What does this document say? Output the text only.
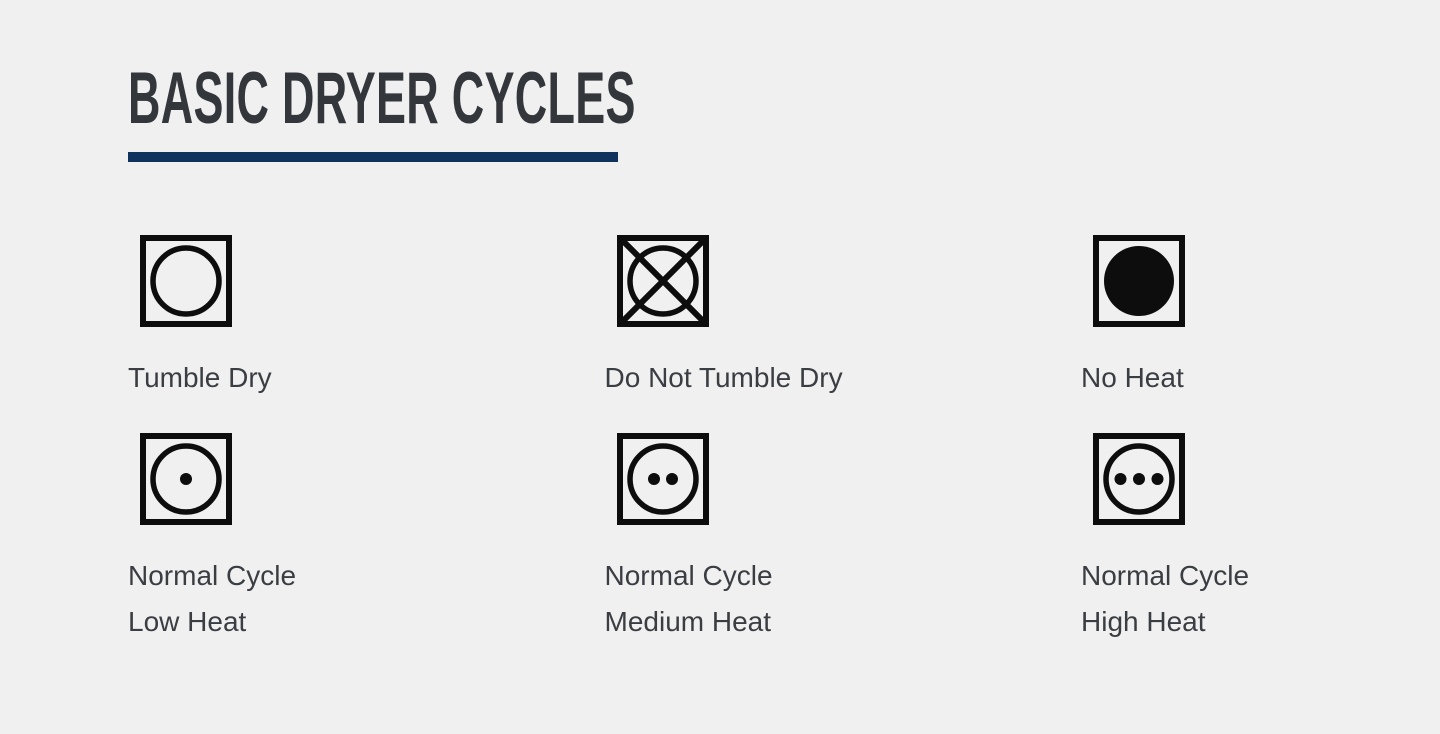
BASIC DRYER CYCLES
Tumble Dry	Do Not Tumble Dry	No Heat
Normal Cycle
Low Heat
Normal Cycle
Medium Heat
Normal Cycle
High Heat
